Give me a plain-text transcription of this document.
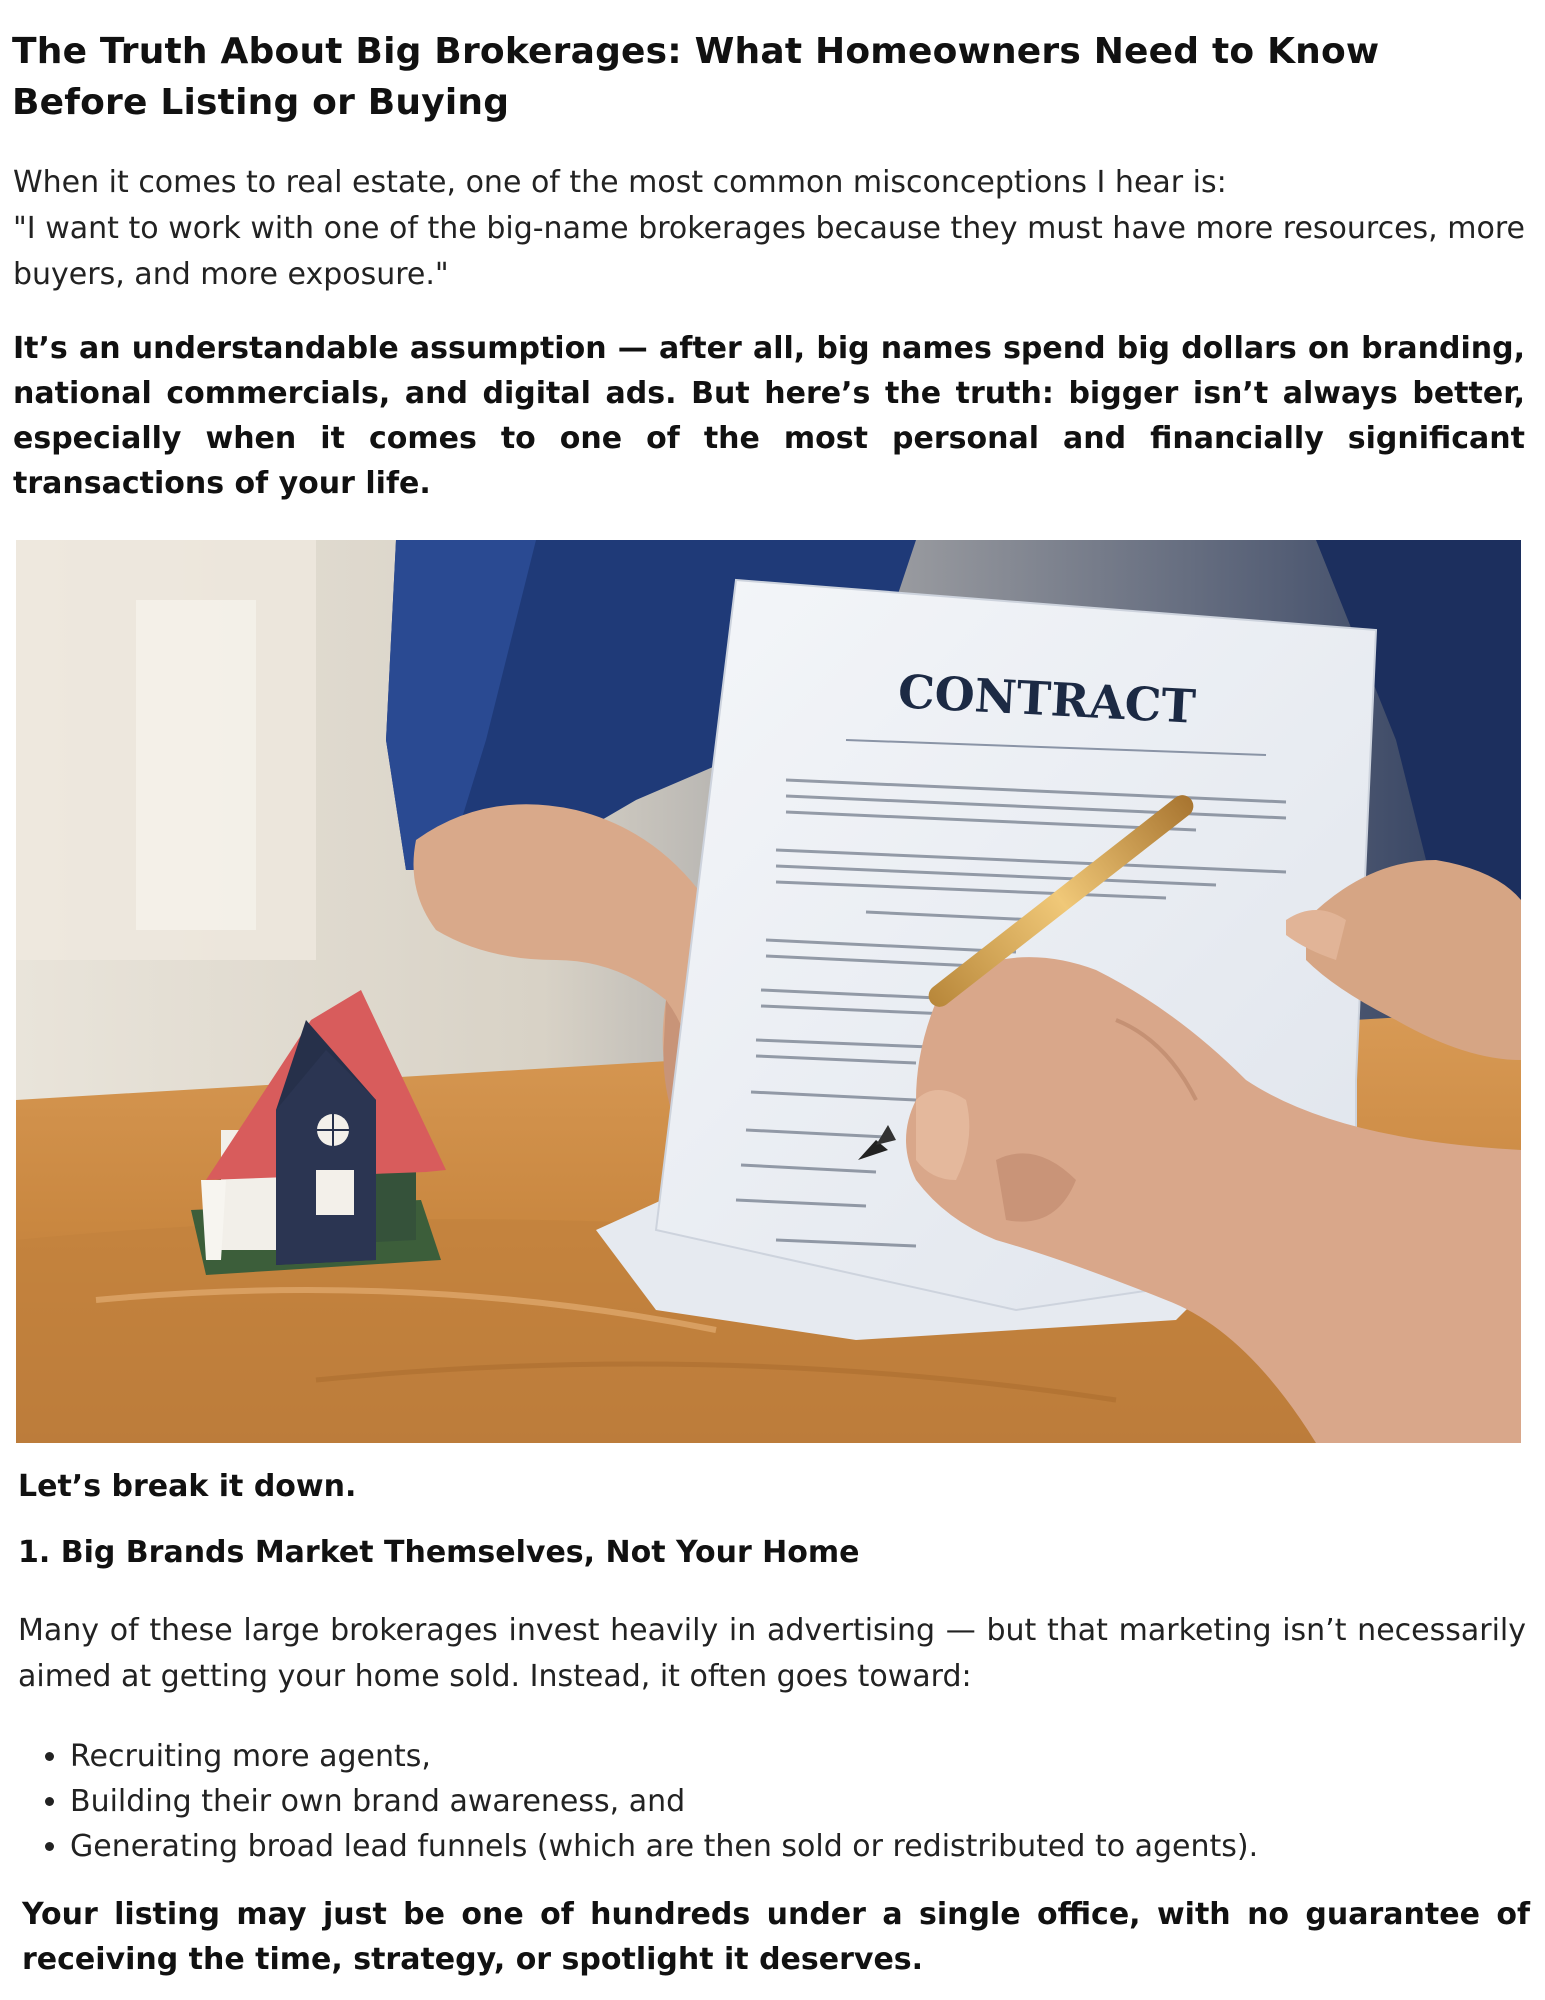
The Truth About Big Brokerages: What Homeowners Need to Know Before Listing or Buying

When it comes to real estate, one of the most common misconceptions I hear is:
"I want to work with one of the big-name brokerages because they must have more resources, more buyers, and more exposure."

It’s an understandable assumption — after all, big names spend big dollars on branding, national commercials, and digital ads. But here’s the truth: bigger isn’t always better, especially when it comes to one of the most personal and financially significant transactions of your life.

CONTRACT

Let’s break it down.

1. Big Brands Market Themselves, Not Your Home

Many of these large brokerages invest heavily in advertising — but that marketing isn’t necessarily aimed at getting your home sold. Instead, it often goes toward:

• Recruiting more agents,
• Building their own brand awareness, and
• Generating broad lead funnels (which are then sold or redistributed to agents).

Your listing may just be one of hundreds under a single office, with no guarantee of receiving the time, strategy, or spotlight it deserves.
